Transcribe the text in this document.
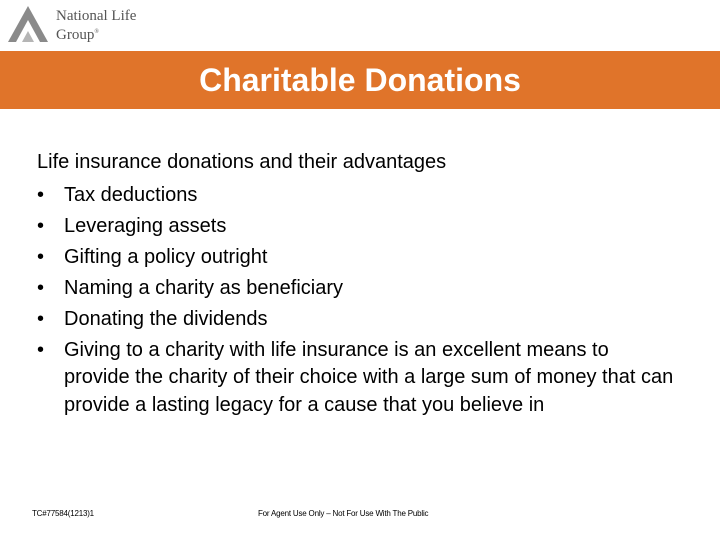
National Life
Group®
Charitable Donations
Life insurance donations and their advantages
• Tax deductions
• Leveraging assets
• Gifting a policy outright
• Naming a charity as beneficiary
• Donating the dividends
• Giving to a charity with life insurance is an excellent means to provide the charity of their choice with a large sum of money that can provide a lasting legacy for a cause that you believe in
TC#77584(1213)1	For Agent Use Only – Not For Use With The Public
